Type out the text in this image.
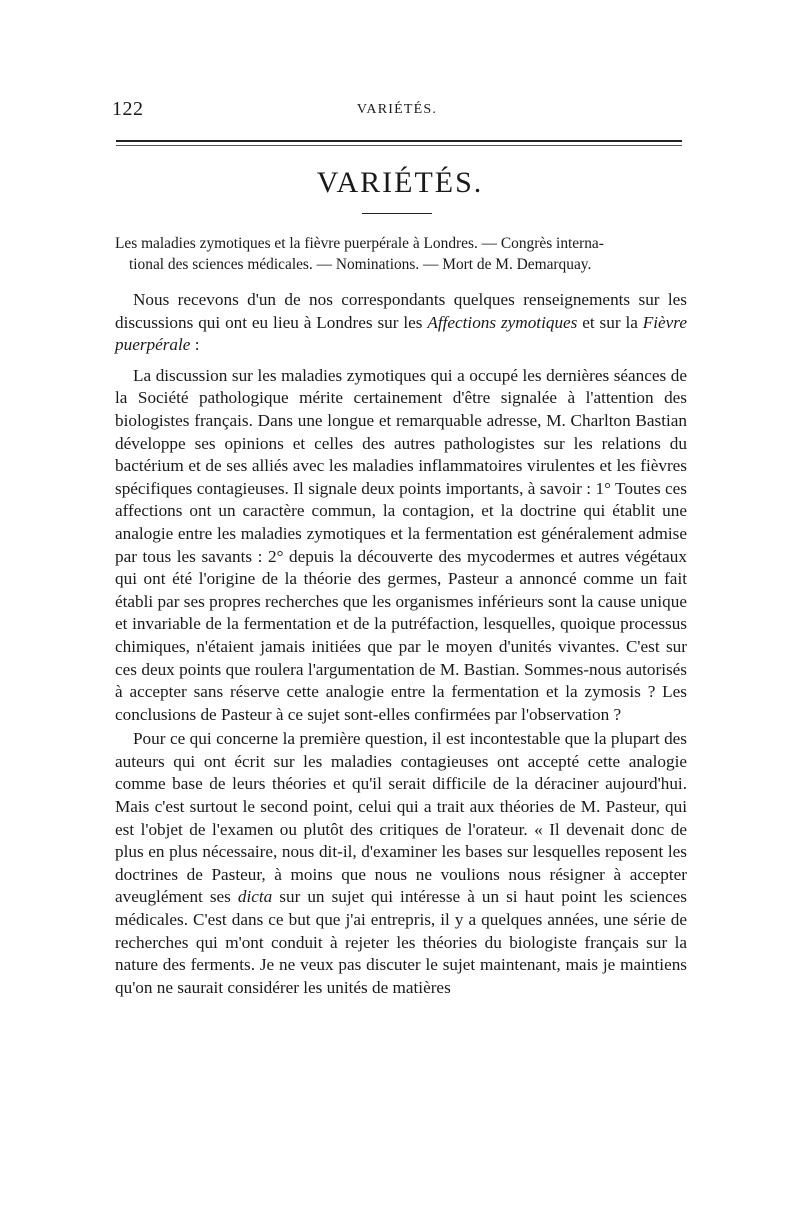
122	VARIÉTÉS.
VARIÉTÉS.

Les maladies zymotiques et la fièvre puerpérale à Londres. — Congrès interna-
tional des sciences médicales. — Nominations. — Mort de M. Demarquay.

Nous recevons d'un de nos correspondants quelques renseignements sur les discussions qui ont eu lieu à Londres sur les Affections zymotiques et sur la Fièvre puerpérale :

La discussion sur les maladies zymotiques qui a occupé les dernières séances de la Société pathologique mérite certainement d'être signalée à l'attention des biologistes français. Dans une longue et remarquable adresse, M. Charlton Bastian développe ses opinions et celles des autres pathologistes sur les relations du bactérium et de ses alliés avec les maladies inflammatoires virulentes et les fièvres spécifiques contagieuses. Il signale deux points importants, à savoir : 1° Toutes ces affections ont un caractère commun, la contagion, et la doctrine qui établit une analogie entre les maladies zymotiques et la fermentation est généralement admise par tous les savants : 2° depuis la découverte des mycodermes et autres végétaux qui ont été l'origine de la théorie des germes, Pasteur a annoncé comme un fait établi par ses propres recherches que les organismes inférieurs sont la cause unique et invariable de la fermentation et de la putréfaction, lesquelles, quoique processus chimiques, n'étaient jamais initiées que par le moyen d'unités vivantes. C'est sur ces deux points que roulera l'argumentation de M. Bastian. Sommes-nous autorisés à accepter sans réserve cette analogie entre la fermentation et la zymosis ? Les conclusions de Pasteur à ce sujet sont-elles confirmées par l'observation ?

Pour ce qui concerne la première question, il est incontestable que la plupart des auteurs qui ont écrit sur les maladies contagieuses ont accepté cette analogie comme base de leurs théories et qu'il serait difficile de la déraciner aujourd'hui. Mais c'est surtout le second point, celui qui a trait aux théories de M. Pasteur, qui est l'objet de l'examen ou plutôt des critiques de l'orateur. « Il devenait donc de plus en plus nécessaire, nous dit-il, d'examiner les bases sur lesquelles reposent les doctrines de Pasteur, à moins que nous ne voulions nous résigner à accepter aveuglément ses dicta sur un sujet qui intéresse à un si haut point les sciences médicales. C'est dans ce but que j'ai entrepris, il y a quelques années, une série de recherches qui m'ont conduit à rejeter les théories du biologiste français sur la nature des ferments. Je ne veux pas discuter le sujet maintenant, mais je maintiens qu'on ne saurait considérer les unités de matières
